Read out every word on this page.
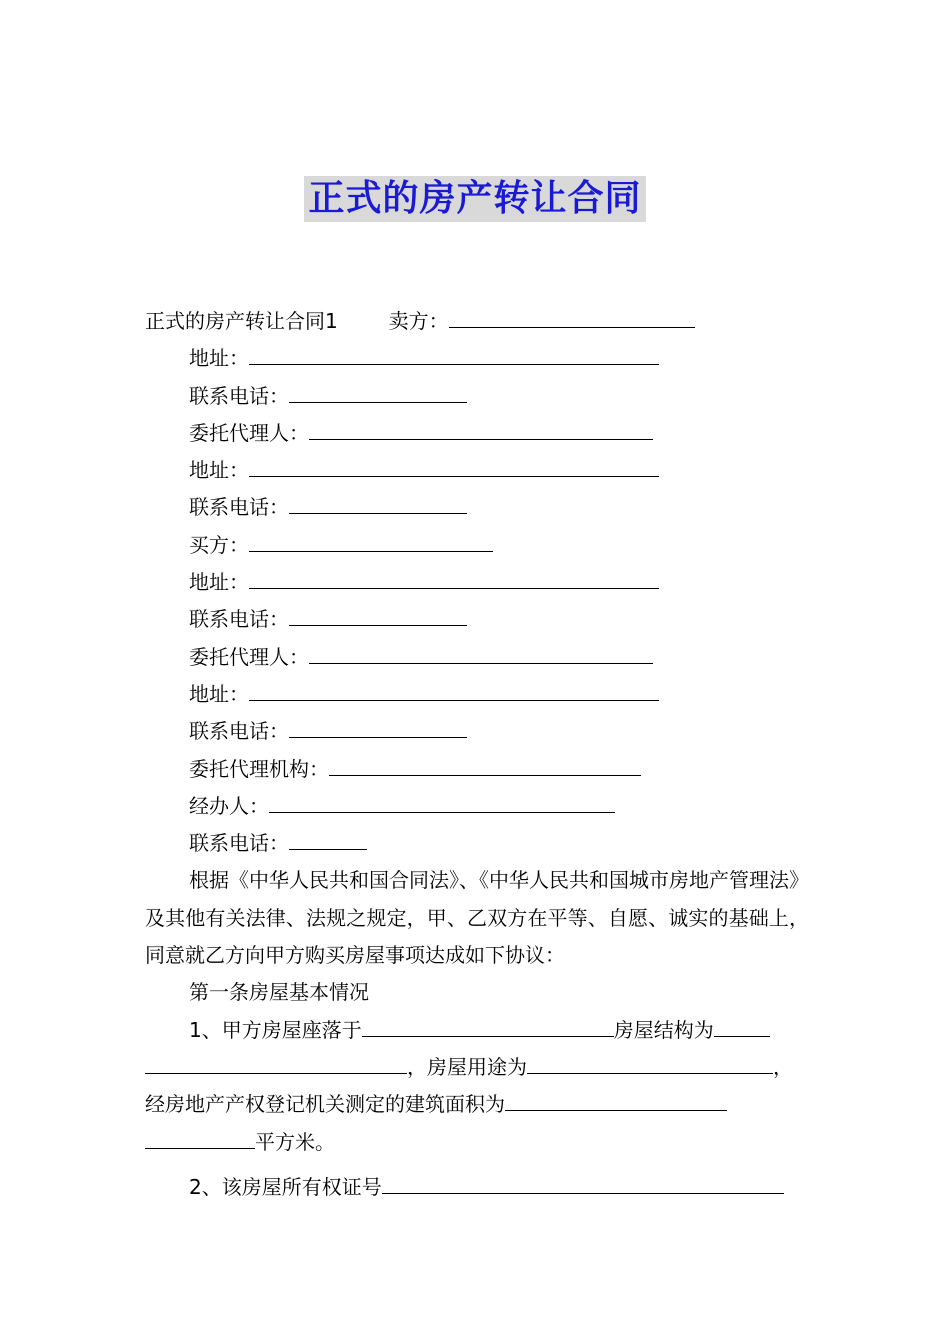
正式的房产转让合同
正式的房产转让合同1	卖方：
地址：
联系电话：
委托代理人：
地址：
联系电话：
买方：
地址：
联系电话：
委托代理人：
地址：
联系电话：
委托代理机构：
经办人：
联系电话：
根据《中华人民共和国合同法》、《中华人民共和国城市房地产管理法》及其他有关法律、法规之规定，甲、乙双方在平等、自愿、诚实的基础上，同意就乙方向甲方购买房屋事项达成如下协议：
第一条房屋基本情况
1、甲方房屋座落于	房屋结构为，房屋用途为	，经房地产产权登记机关测定的建筑面积为平方米。
2、该房屋所有权证号
